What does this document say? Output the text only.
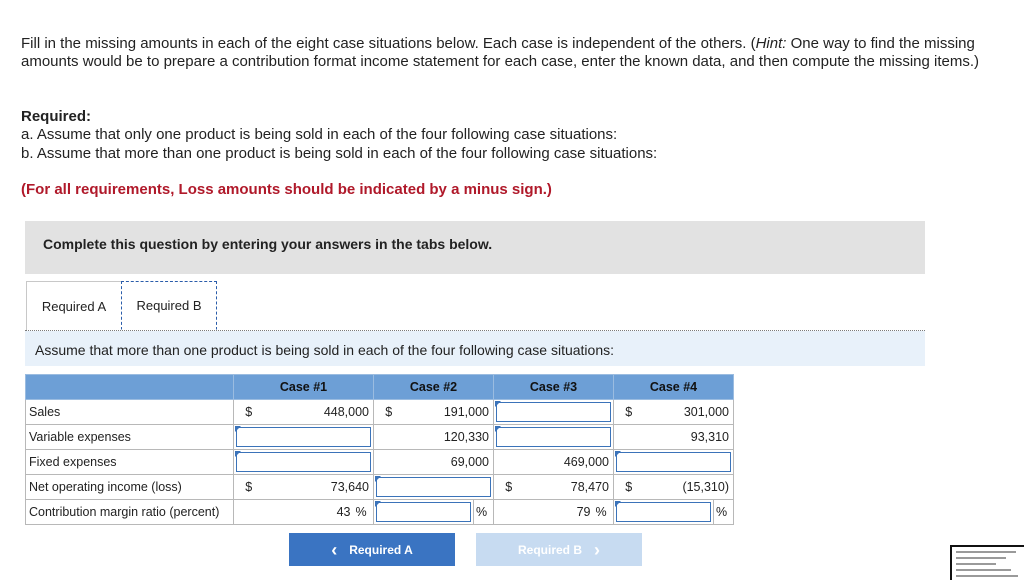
Fill in the missing amounts in each of the eight case situations below. Each case is independent of the others. (Hint: One way to find the missing amounts would be to prepare a contribution format income statement for each case, enter the known data, and then compute the missing items.)

Required:
a. Assume that only one product is being sold in each of the four following case situations:
b. Assume that more than one product is being sold in each of the four following case situations:
(For all requirements, Loss amounts should be indicated by a minus sign.)
Complete this question by entering your answers in the tabs below.
Required A	Required B
Assume that more than one product is being sold in each of the four following case situations:
	Case #1			Case #2			Case #3			Case #4		
Sales	$	448,000		$	191,000					$	301,000	
Variable expenses					120,330						93,310	
Fixed expenses					69,000			469,000	
Net operating income (loss)	$	73,640					$	78,470		$	(15,310)	
Contribution margin ratio (percent)		43	%			%		79	%			%
‹ Required A	Required B ›
